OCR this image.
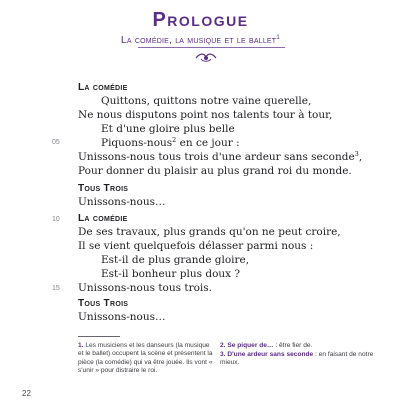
Prologue
La comédie, la musique et le ballet$^1$
La comédie
Quittons, quittons notre vaine querelle,
Ne nous disputons point nos talents tour à tour,
Et d'une gloire plus belle
05	Piquons-nous$^2$ en ce jour :
Unissons-nous tous trois d'une ardeur sans seconde$^3$,
Pour donner du plaisir au plus grand roi du monde.
Tous Trois
Unissons-nous…
10 La comédie
De ses travaux, plus grands qu'on ne peut croire,
Il se vient quelquefois délasser parmi nous :
Est-il de plus grande gloire,
Est-il bonheur plus doux ?
15 Unissons-nous tous trois.
Tous Trois
Unissons-nous…
1. Les musiciens et les danseurs (la musique et le ballet) occupent la scène et présentent la pièce (la comédie) qui va être jouée. Ils vont « s'unir » pour distraire le roi.
2. Se piquer de… : être fier de.
3. D'une ardeur sans seconde : en faisant de notre mieux.
22
